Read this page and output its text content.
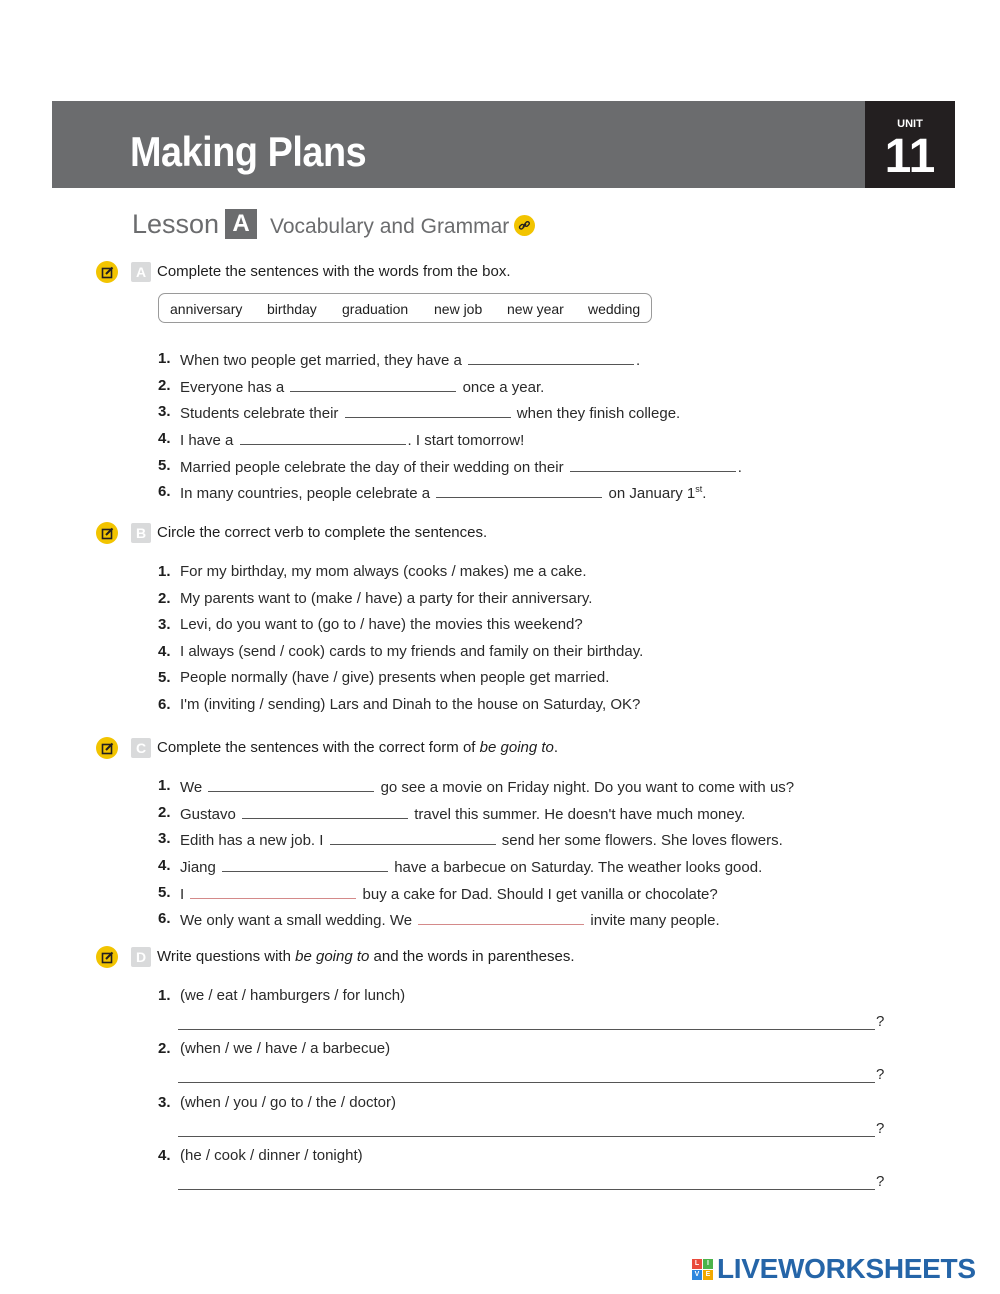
Making Plans
UNIT
11
Lesson A Vocabulary and Grammar
A Complete the sentences with the words from the box.
anniversary birthday graduation new job new year wedding
1. When two people get married, they have a	.
2. Everyone has a	once a year.
3. Students celebrate their	when they finish college.
4. I have a	. I start tomorrow!
5. Married people celebrate the day of their wedding on their	.
6. In many countries, people celebrate a	on January 1st.
B Circle the correct verb to complete the sentences.
1. For my birthday, my mom always (cooks / makes) me a cake.
2. My parents want to (make / have) a party for their anniversary.
3. Levi, do you want to (go to / have) the movies this weekend?
4. I always (send / cook) cards to my friends and family on their birthday.
5. People normally (have / give) presents when people get married.
6. I'm (inviting / sending) Lars and Dinah to the house on Saturday, OK?
C Complete the sentences with the correct form of be going to.
1. We	go see a movie on Friday night. Do you want to come with us?
2. Gustavo	travel this summer. He doesn't have much money.
3. Edith has a new job. I	send her some flowers. She loves flowers.
4. Jiang	have a barbecue on Saturday. The weather looks good.
5. I	buy a cake for Dad. Should I get vanilla or chocolate?
6. We only want a small wedding. We	invite many people.
D Write questions with be going to and the words in parentheses.
1. (we / eat / hamburgers / for lunch)
?
2. (when / we / have / a barbecue)
?
3. (when / you / go to / the / doctor)
?
4. (he / cook / dinner / tonight)
?
L	I
V E LIVEWORKSHEETS
